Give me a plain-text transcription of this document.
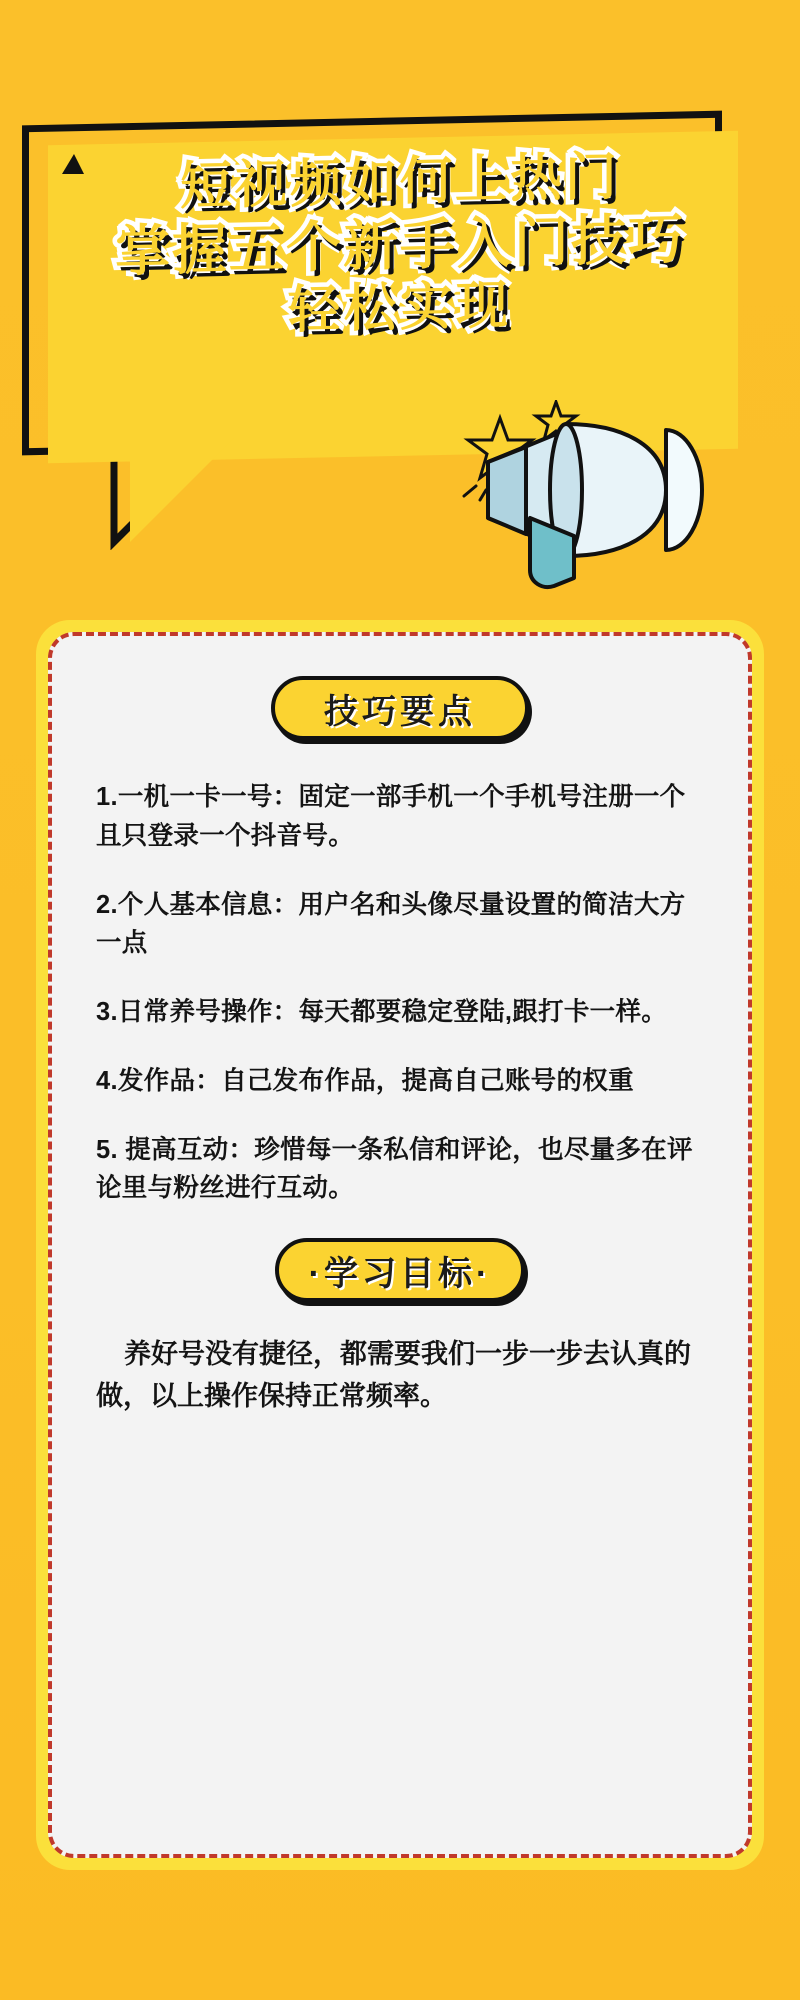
短视频如何上热门
掌握五个新手入门技巧
轻松实现
技巧要点

1.一机一卡一号：固定一部手机一个手机号注册一个且只登录一个抖音号。

2.个人基本信息：用户名和头像尽量设置的简洁大方一点

3.日常养号操作：每天都要稳定登陆,跟打卡一样。

4.发作品：自己发布作品，提高自己账号的权重

5. 提高互动：珍惜每一条私信和评论，也尽量多在评论里与粉丝进行互动。

·学习目标·

养好号没有捷径，都需要我们一步一步去认真的做，以上操作保持正常频率。
